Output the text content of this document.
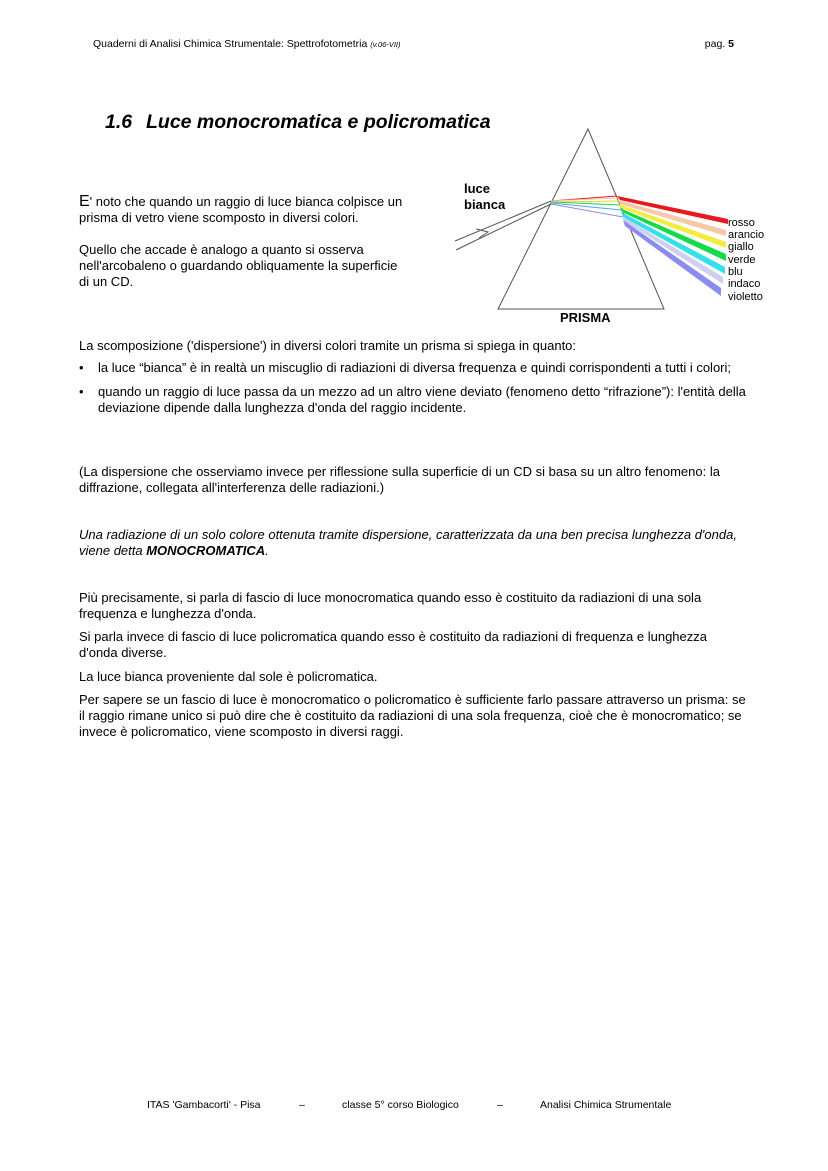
Quaderni di Analisi Chimica Strumentale: Spettrofotometria (v.06-VII)	pag. 5
1.6 Luce monocromatica e policromatica

E' noto che quando un raggio di luce bianca colpisce un prisma di vetro viene scomposto in diversi colori.

Quello che accade è analogo a quanto si osserva nell'arcobaleno o guardando obliquamente la superficie di un CD.

luce
bianca
PRISMA
rosso
arancio
giallo
verde
blu
indaco
violetto

La scomposizione ('dispersione') in diversi colori tramite un prisma si spiega in quanto:

• la luce “bianca” è in realtà un miscuglio di radiazioni di diversa frequenza e quindi corrispondenti a tutti i colori;
• quando un raggio di luce passa da un mezzo ad un altro viene deviato (fenomeno detto “rifrazione”): l'entità della deviazione dipende dalla lunghezza d'onda del raggio incidente.

(La dispersione che osserviamo invece per riflessione sulla superficie di un CD si basa su un altro fenomeno: la diffrazione, collegata all'interferenza delle radiazioni.)

Una radiazione di un solo colore ottenuta tramite dispersione, caratterizzata da una ben precisa lunghezza d'onda, viene detta MONOCROMATICA.

Più precisamente, si parla di fascio di luce monocromatica quando esso è costituito da radiazioni di una sola frequenza e lunghezza d'onda.

Si parla invece di fascio di luce policromatica quando esso è costituito da radiazioni di frequenza e lunghezza d'onda diverse.

La luce bianca proveniente dal sole è policromatica.

Per sapere se un fascio di luce è monocromatico o policromatico è sufficiente farlo passare attraverso un prisma: se il raggio rimane unico si può dire che è costituito da radiazioni di una sola frequenza, cioè che è monocromatico; se invece è policromatico, viene scomposto in diversi raggi.

ITAS 'Gambacorti' - Pisa	–	classe 5° corso Biologico	–	Analisi Chimica Strumentale
